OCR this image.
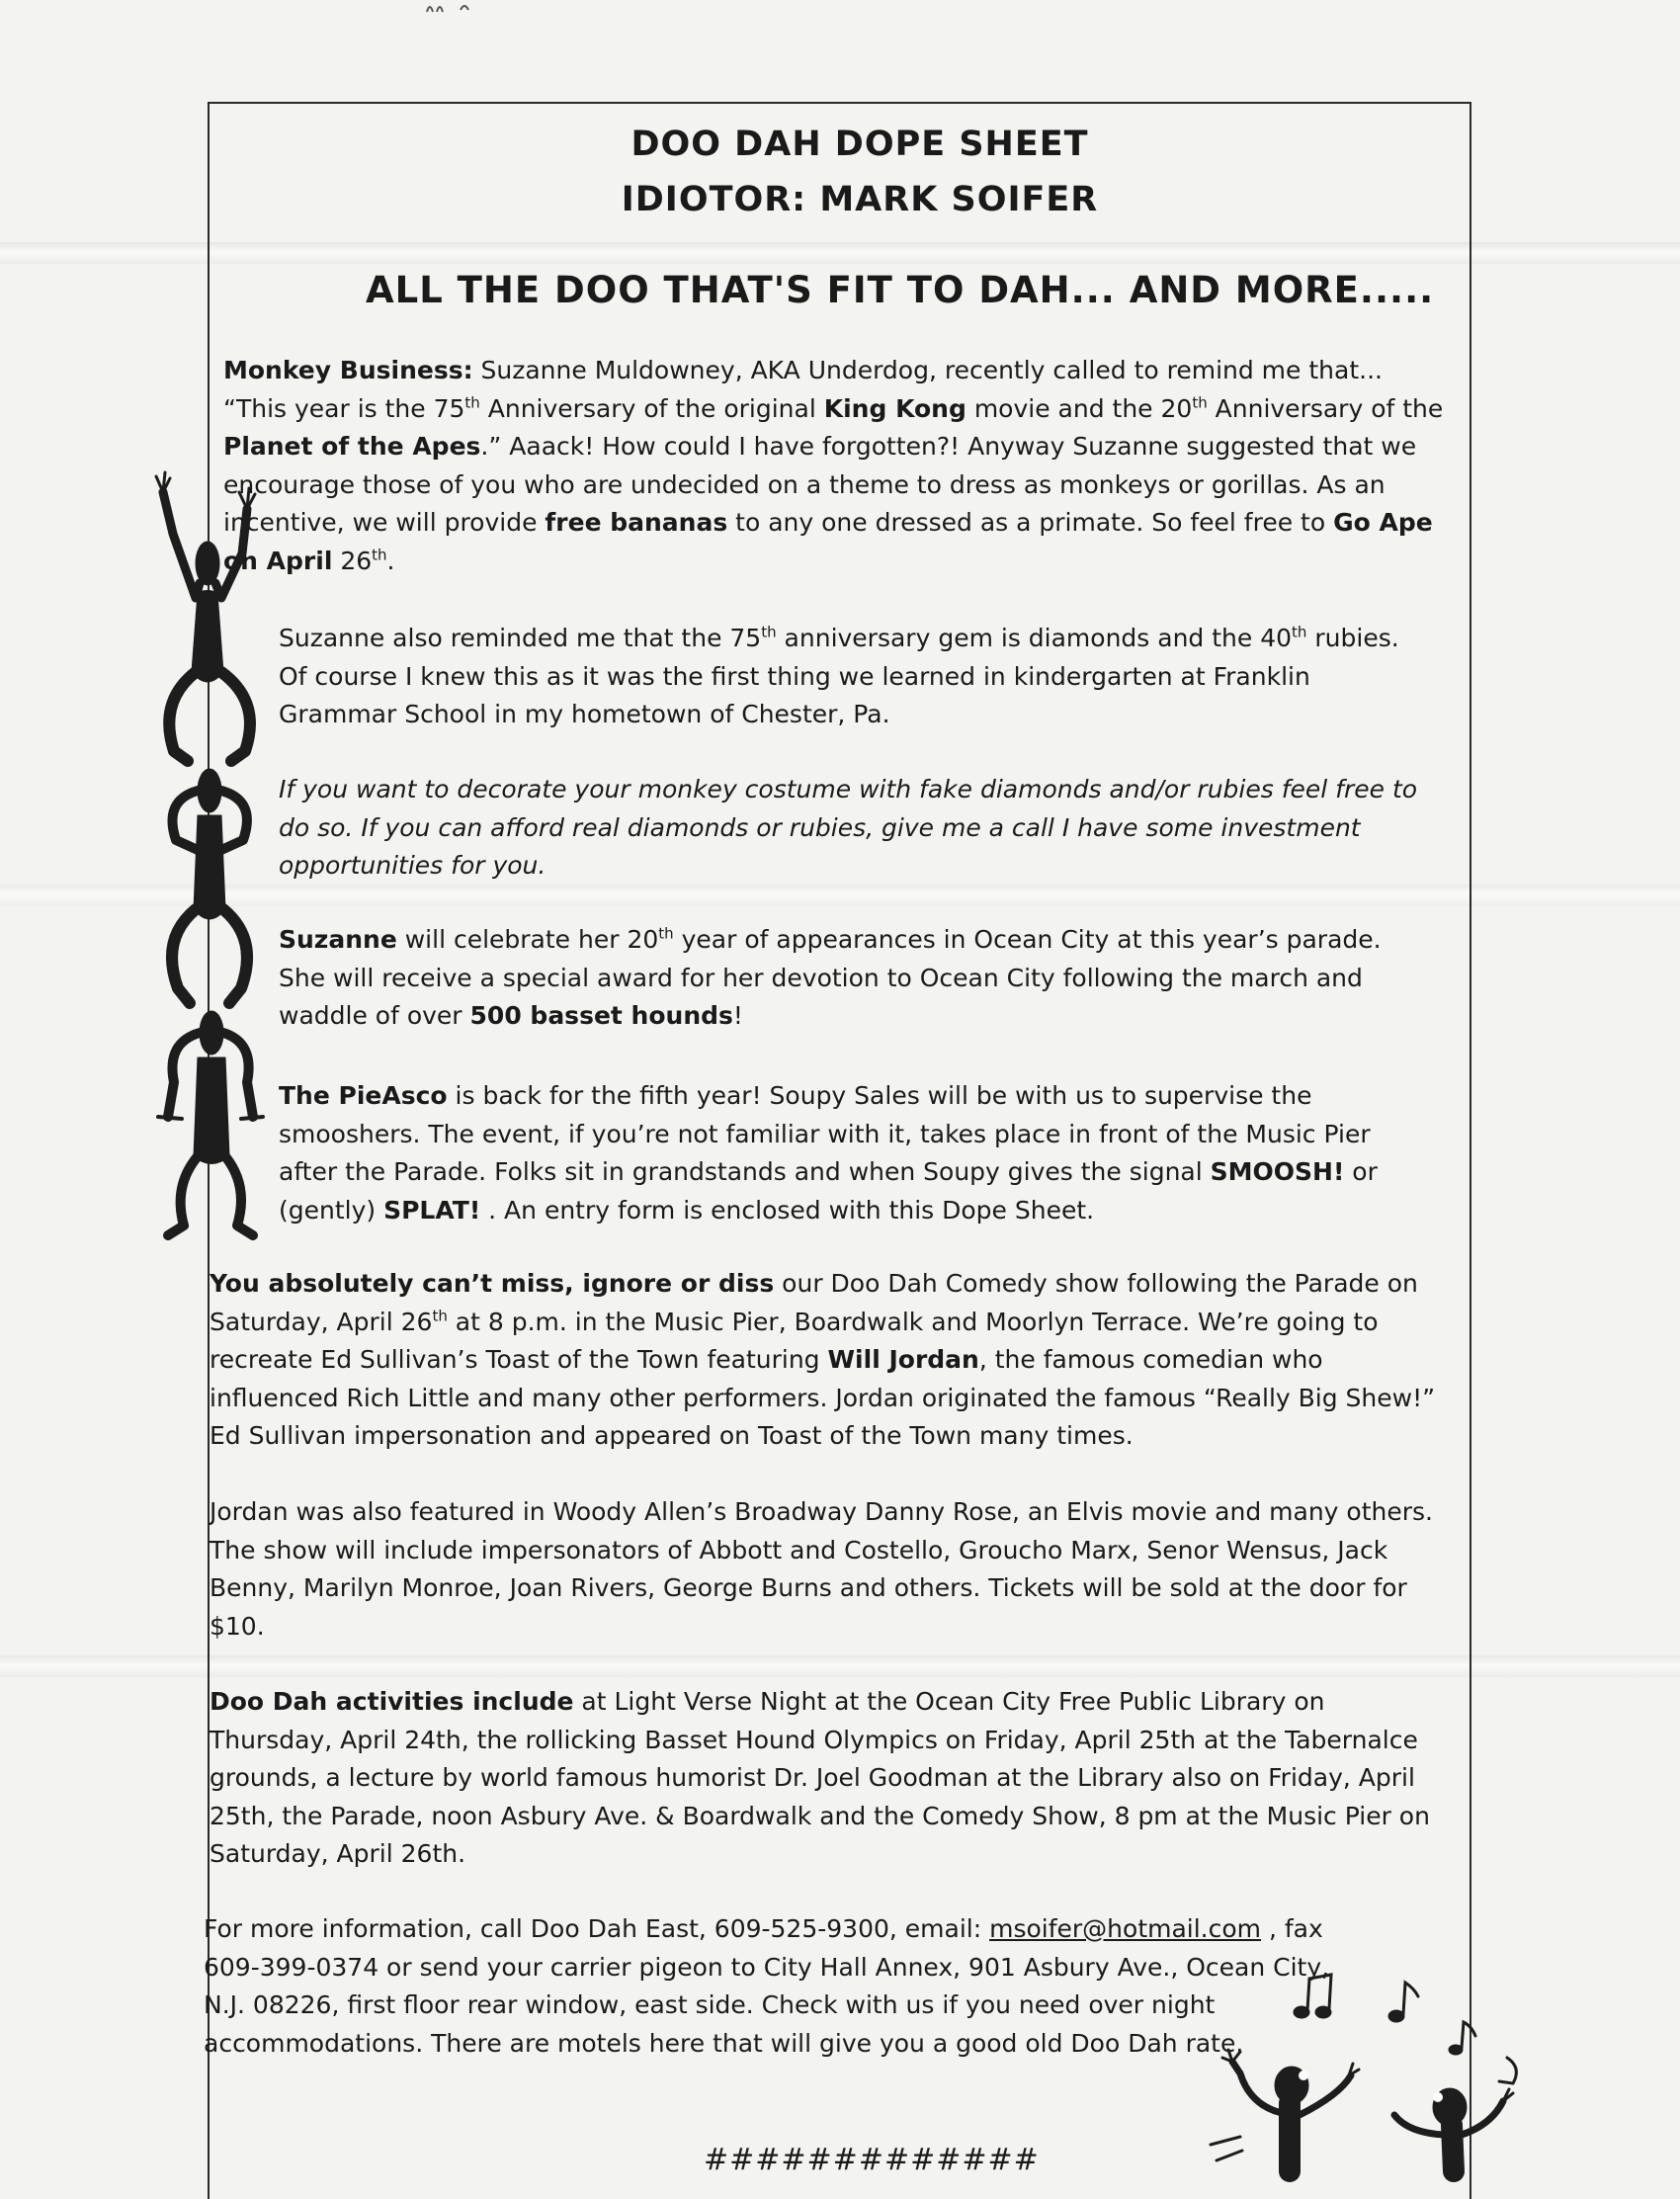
DOO DAH DOPE SHEET
IDIOTOR: MARK SOIFER
ALL THE DOO THAT'S FIT TO DAH... AND MORE.....

Monkey Business: Suzanne Muldowney, AKA Underdog, recently called to remind me that...
“This year is the 75th Anniversary of the original King Kong movie and the 20th Anniversary of the Planet of the Apes.” Aaack! How could I have forgotten?! Anyway Suzanne suggested that we encourage those of you who are undecided on a theme to dress as monkeys or gorillas. As an incentive, we will provide free bananas to any one dressed as a primate. So feel free to Go Ape on April 26th.

Suzanne also reminded me that the 75th anniversary gem is diamonds and the 40th rubies. Of course I knew this as it was the first thing we learned in kindergarten at Franklin Grammar School in my hometown of Chester, Pa.

If you want to decorate your monkey costume with fake diamonds and/or rubies feel free to do so. If you can afford real diamonds or rubies, give me a call I have some investment opportunities for you.

Suzanne will celebrate her 20th year of appearances in Ocean City at this year’s parade. She will receive a special award for her devotion to Ocean City following the march and waddle of over 500 basset hounds!

The PieAsco is back for the fifth year! Soupy Sales will be with us to supervise the smooshers. The event, if you’re not familiar with it, takes place in front of the Music Pier after the Parade. Folks sit in grandstands and when Soupy gives the signal SMOOSH! or (gently) SPLAT! . An entry form is enclosed with this Dope Sheet.

You absolutely can’t miss, ignore or diss our Doo Dah Comedy show following the Parade on Saturday, April 26th at 8 p.m. in the Music Pier, Boardwalk and Moorlyn Terrace. We’re going to recreate Ed Sullivan’s Toast of the Town featuring Will Jordan, the famous comedian who influenced Rich Little and many other performers. Jordan originated the famous “Really Big Shew!” Ed Sullivan impersonation and appeared on Toast of the Town many times.

Jordan was also featured in Woody Allen’s Broadway Danny Rose, an Elvis movie and many others. The show will include impersonators of Abbott and Costello, Groucho Marx, Senor Wensus, Jack Benny, Marilyn Monroe, Joan Rivers, George Burns and others. Tickets will be sold at the door for $10.

Doo Dah activities include at Light Verse Night at the Ocean City Free Public Library on Thursday, April 24th, the rollicking Basset Hound Olympics on Friday, April 25th at the Tabernalce grounds, a lecture by world famous humorist Dr. Joel Goodman at the Library also on Friday, April 25th, the Parade, noon Asbury Ave. & Boardwalk and the Comedy Show, 8 pm at the Music Pier on Saturday, April 26th.

For more information, call Doo Dah East, 609-525-9300, email: msoifer@hotmail.com , fax 609-399-0374 or send your carrier pigeon to City Hall Annex, 901 Asbury Ave., Ocean City, N.J. 08226, first floor rear window, east side. Check with us if you need over night accommodations. There are motels here that will give you a good old Doo Dah rate.

#############
